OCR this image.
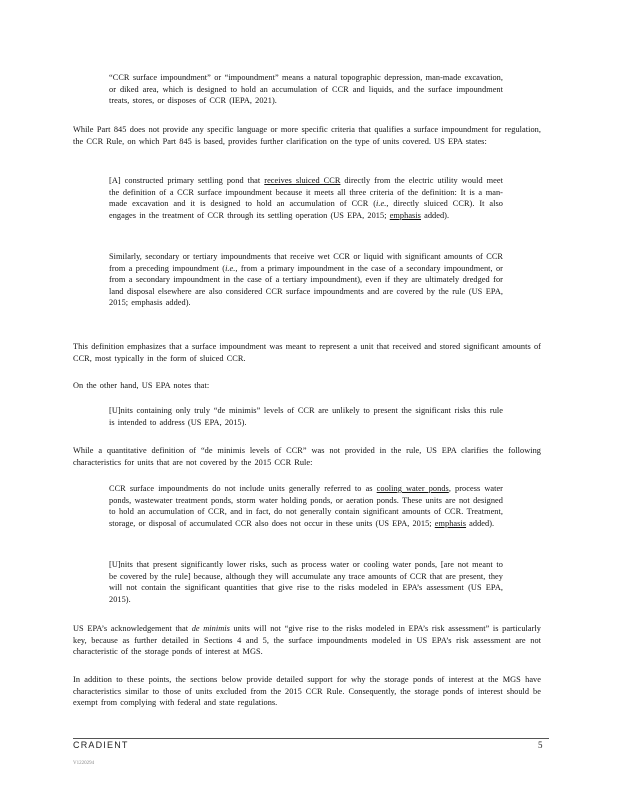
“CCR surface impoundment” or “impoundment” means a natural topographic depression, man-made excavation, or diked area, which is designed to hold an accumulation of CCR and liquids, and the surface impoundment treats, stores, or disposes of CCR (IEPA, 2021).

While Part 845 does not provide any specific language or more specific criteria that qualifies a surface impoundment for regulation, the CCR Rule, on which Part 845 is based, provides further clarification on the type of units covered. US EPA states:

[A] constructed primary settling pond that receives sluiced CCR directly from the electric utility would meet the definition of a CCR surface impoundment because it meets all three criteria of the definition: It is a man-made excavation and it is designed to hold an accumulation of CCR (i.e., directly sluiced CCR). It also engages in the treatment of CCR through its settling operation (US EPA, 2015; emphasis added).

Similarly, secondary or tertiary impoundments that receive wet CCR or liquid with significant amounts of CCR from a preceding impoundment (i.e., from a primary impoundment in the case of a secondary impoundment, or from a secondary impoundment in the case of a tertiary impoundment), even if they are ultimately dredged for land disposal elsewhere are also considered CCR surface impoundments and are covered by the rule (US EPA, 2015; emphasis added).

This definition emphasizes that a surface impoundment was meant to represent a unit that received and stored significant amounts of CCR, most typically in the form of sluiced CCR.

On the other hand, US EPA notes that:

[U]nits containing only truly “de minimis” levels of CCR are unlikely to present the significant risks this rule is intended to address (US EPA, 2015).

While a quantitative definition of “de minimis levels of CCR” was not provided in the rule, US EPA clarifies the following characteristics for units that are not covered by the 2015 CCR Rule:

CCR surface impoundments do not include units generally referred to as cooling water ponds, process water ponds, wastewater treatment ponds, storm water holding ponds, or aeration ponds. These units are not designed to hold an accumulation of CCR, and in fact, do not generally contain significant amounts of CCR. Treatment, storage, or disposal of accumulated CCR also does not occur in these units (US EPA, 2015; emphasis added).

[U]nits that present significantly lower risks, such as process water or cooling water ponds, [are not meant to be covered by the rule] because, although they will accumulate any trace amounts of CCR that are present, they will not contain the significant quantities that give rise to the risks modeled in EPA’s assessment (US EPA, 2015).

US EPA’s acknowledgement that de minimis units will not “give rise to the risks modeled in EPA’s risk assessment” is particularly key, because as further detailed in Sections 4 and 5, the surface impoundments modeled in US EPA’s risk assessment are not characteristic of the storage ponds of interest at MGS.

In addition to these points, the sections below provide detailed support for why the storage ponds of interest at the MGS have characteristics similar to those of units excluded from the 2015 CCR Rule. Consequently, the storage ponds of interest should be exempt from complying with federal and state regulations.

CRADIENT	5
V1220294
